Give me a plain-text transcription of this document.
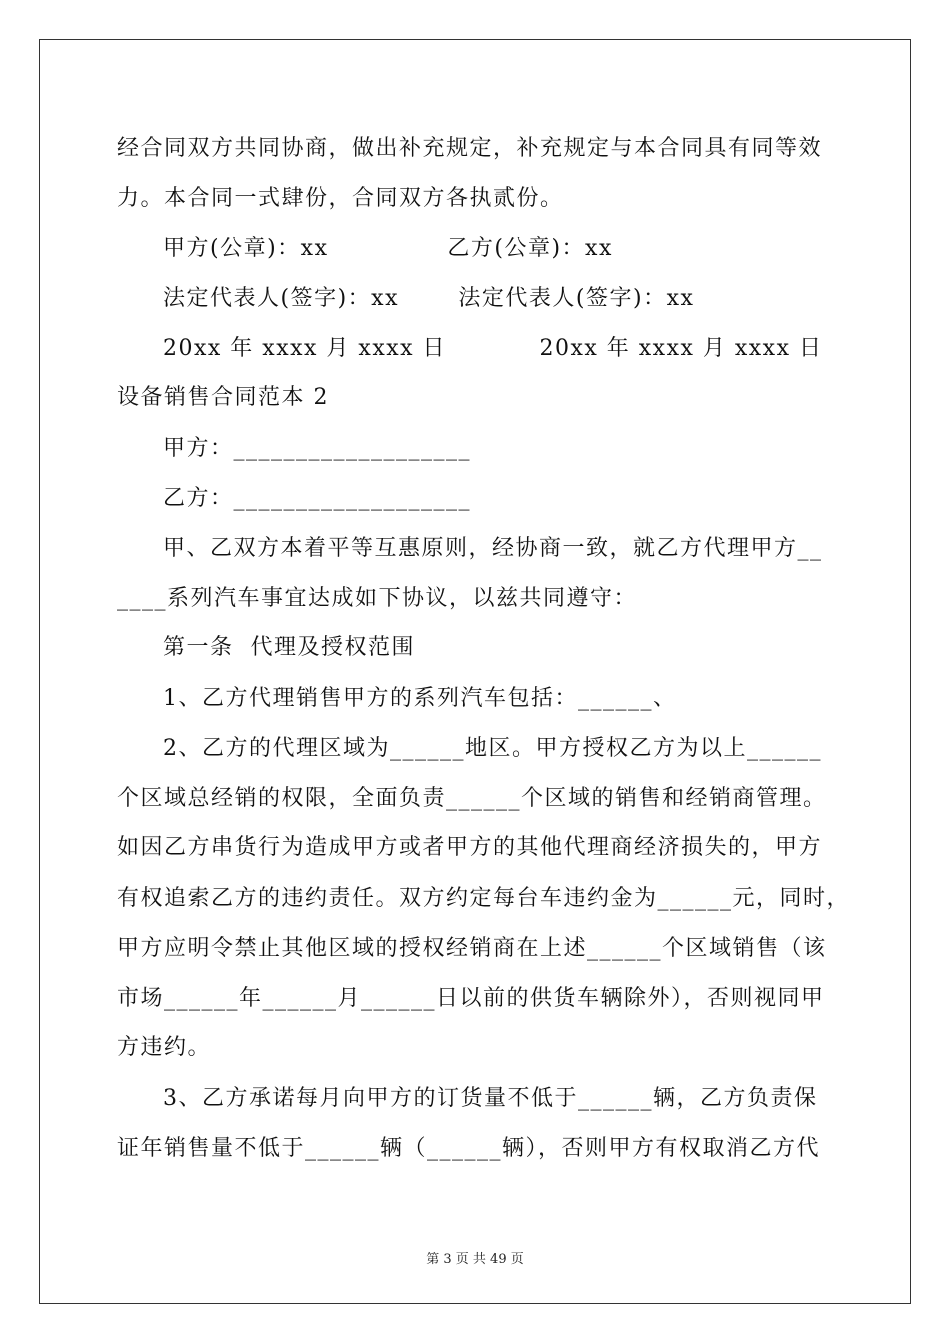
经合同双方共同协商，做出补充规定，补充规定与本合同具有同等效
力。本合同一式肆份，合同双方各执贰份。
甲方(公章)：xx              乙方(公章)：xx
法定代表人(签字)：xx       法定代表人(签字)：xx
20xx 年 xxxx 月 xxxx 日           20xx 年 xxxx 月 xxxx 日
设备销售合同范本 2
甲方：___________________
乙方：___________________
甲、乙双方本着平等互惠原则，经协商一致，就乙方代理甲方__
____系列汽车事宜达成如下协议，以兹共同遵守：
第一条  代理及授权范围
1、乙方代理销售甲方的系列汽车包括：______、
2、乙方的代理区域为______地区。甲方授权乙方为以上______
个区域总经销的权限，全面负责______个区域的销售和经销商管理。
如因乙方串货行为造成甲方或者甲方的其他代理商经济损失的，甲方
有权追索乙方的违约责任。双方约定每台车违约金为______元，同时，
甲方应明令禁止其他区域的授权经销商在上述______个区域销售（该
市场______年______月______日以前的供货车辆除外），否则视同甲
方违约。
3、乙方承诺每月向甲方的订货量不低于______辆，乙方负责保
证年销售量不低于______辆（______辆），否则甲方有权取消乙方代
第 3 页 共 49 页
